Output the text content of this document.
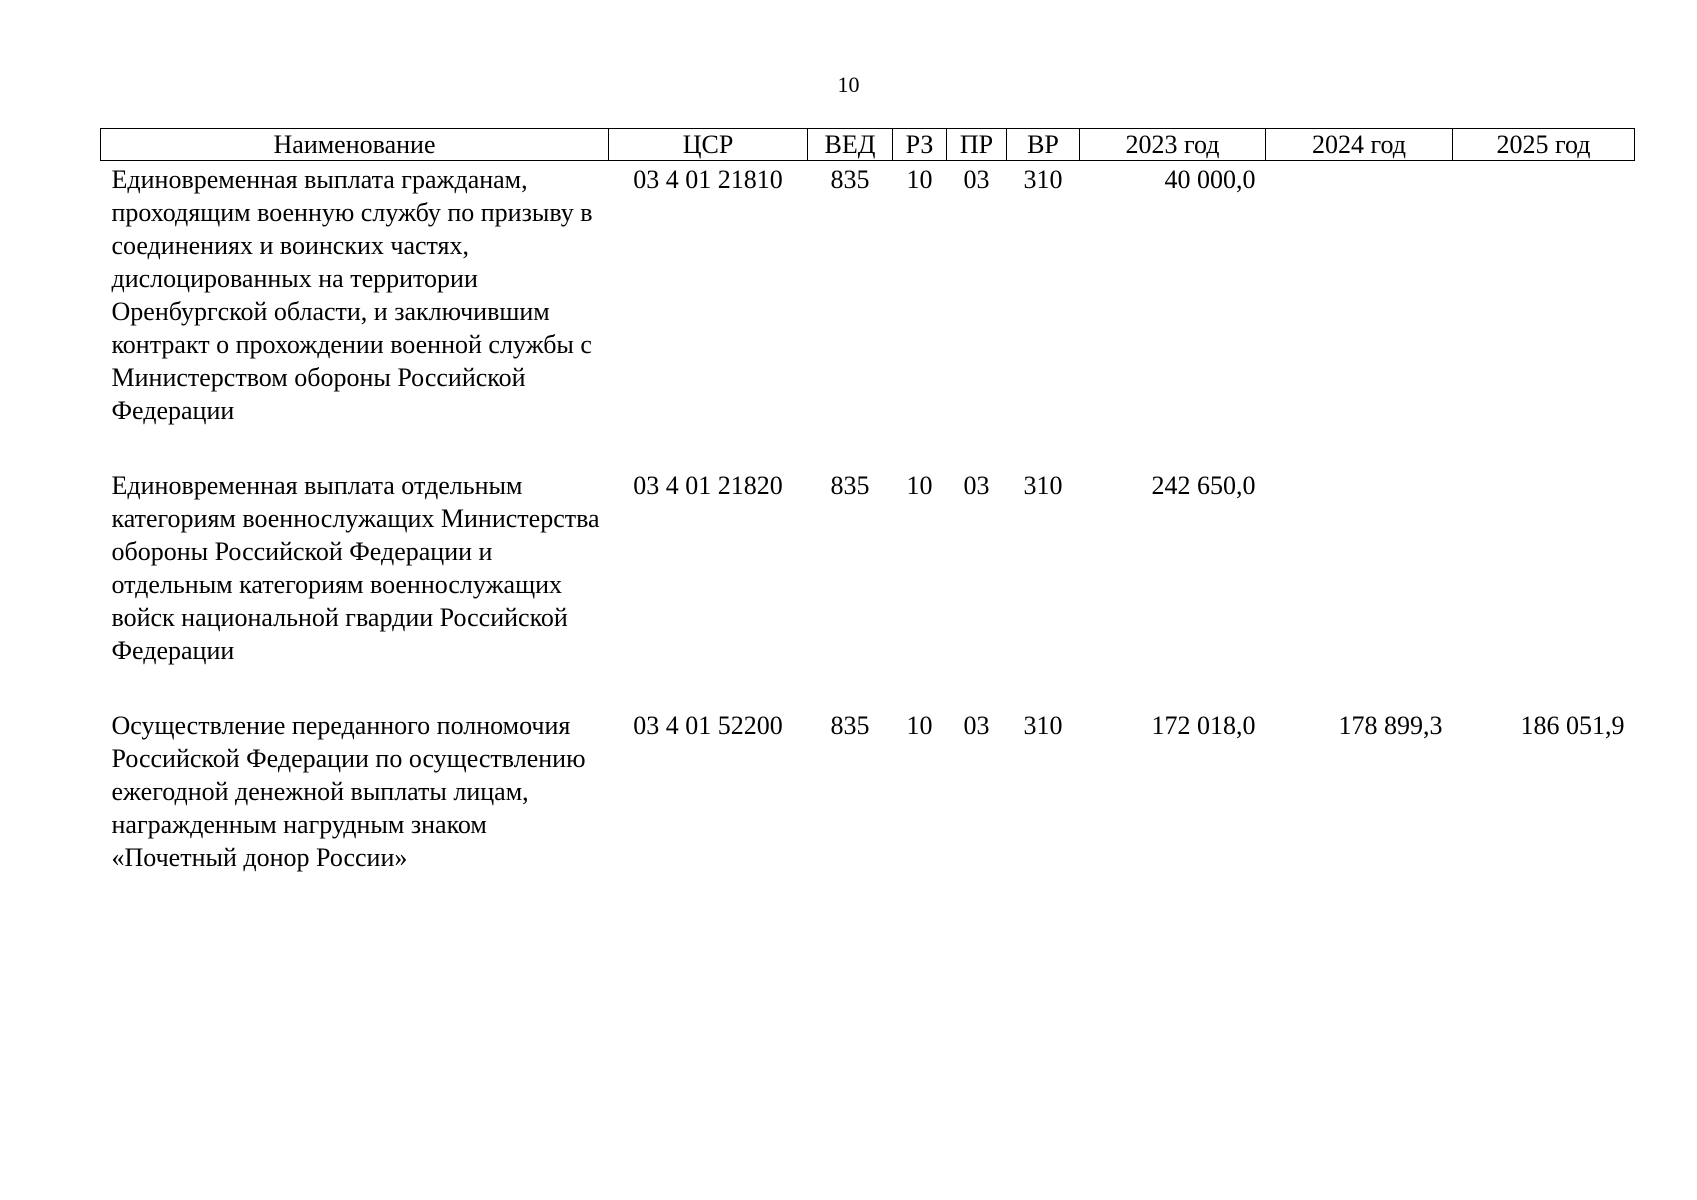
10
Наименование	ЦСР	ВЕД	РЗ	ПР	ВР	2023 год	2024 год	2025 год
Единовременная выплата гражданам, проходящим военную службу по призыву в соединениях и воинских частях, дислоцированных на территории Оренбургской области, и заключившим контракт о прохождении военной службы с Министерством обороны Российской Федерации	03 4 01 21810	835	10	03	310	40 000,0		
Единовременная выплата отдельным категориям военнослужащих Министерства обороны Российской Федерации и отдельным категориям военнослужащих войск национальной гвардии Российской Федерации	03 4 01 21820	835	10	03	310	242 650,0		
Осуществление переданного полномочия Российской Федерации по осуществлению ежегодной денежной выплаты лицам, награжденным нагрудным знаком «Почетный донор России»	03 4 01 52200	835	10	03	310	172 018,0	178 899,3	186 051,9
